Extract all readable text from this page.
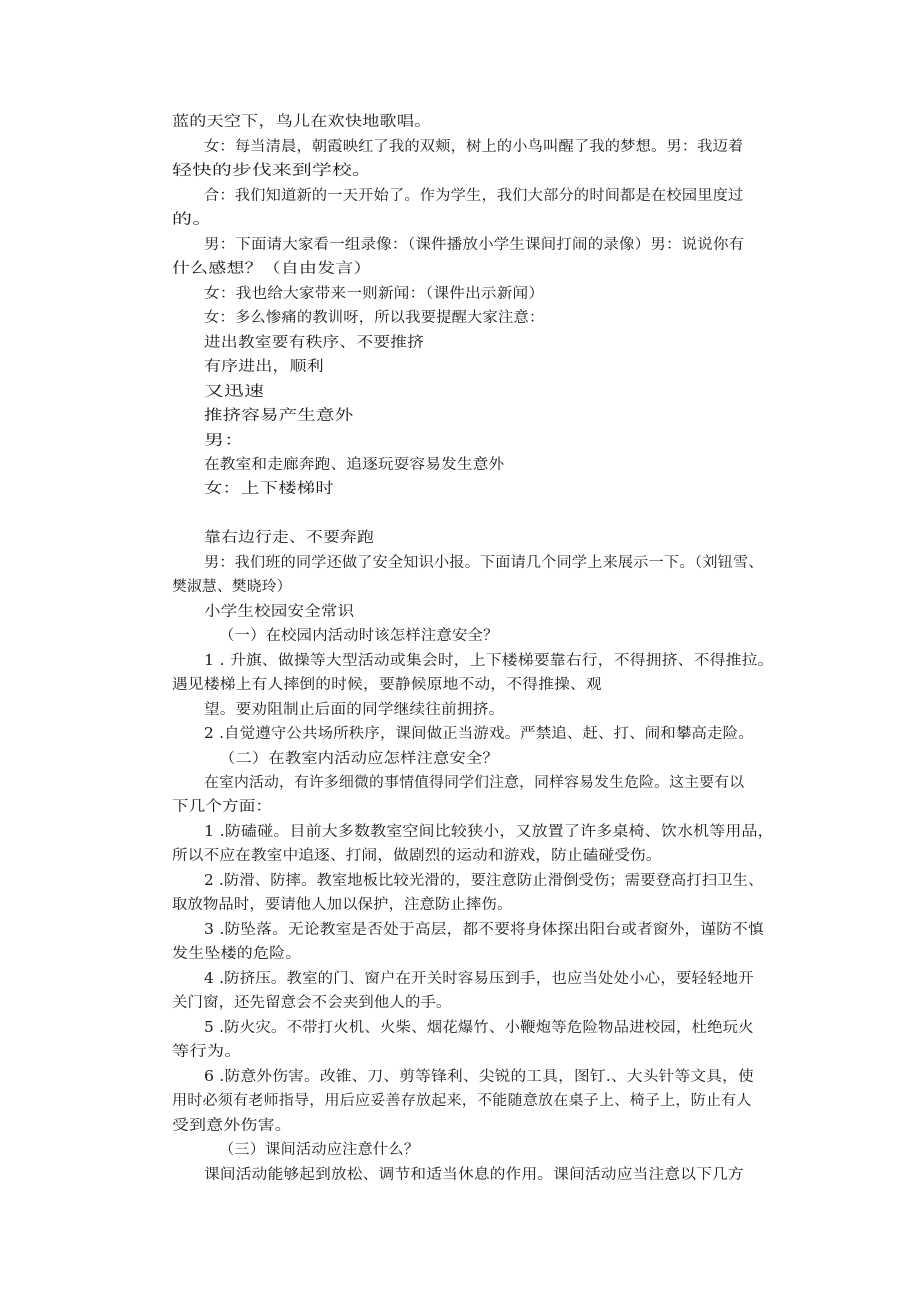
蓝的天空下，鸟儿在欢快地歌唱。
女：每当清晨，朝霞映红了我的双颊，树上的小鸟叫醒了我的梦想。男：我迈着
轻快的步伐来到学校。
合：我们知道新的一天开始了。作为学生，我们大部分的时间都是在校园里度过
的。
男：下面请大家看一组录像：（课件播放小学生课间打闹的录像）男：说说你有
什么感想？（自由发言）
女：我也给大家带来一则新闻：（课件出示新闻）
女：多么惨痛的教训呀，所以我要提醒大家注意：
进出教室要有秩序、不要推挤
有序进出，顺利
又迅速
推挤容易产生意外
男：
在教室和走廊奔跑、追逐玩耍容易发生意外
女：上下楼梯时
靠右边行走、不要奔跑
男：我们班的同学还做了安全知识小报。下面请几个同学上来展示一下。（刘钮雪、
樊淑慧、樊晓玲）
小学生校园安全常识
（一）在校园内活动时该怎样注意安全？
1 . 升旗、做操等大型活动或集会时，上下楼梯要靠右行，不得拥挤、不得推拉。
遇见楼梯上有人摔倒的时候，要静候原地不动，不得推操、观
望。要劝阻制止后面的同学继续往前拥挤。
2 .自觉遵守公共场所秩序，课间做正当游戏。严禁追、赶、打、闹和攀高走险。
（二）在教室内活动应怎样注意安全？
在室内活动，有许多细微的事情值得同学们注意，同样容易发生危险。这主要有以
下几个方面：
1 .防磕碰。目前大多数教室空间比较狭小，又放置了许多桌椅、饮水机等用品，
所以不应在教室中追逐、打闹，做剧烈的运动和游戏，防止磕碰受伤。
2 .防滑、防摔。教室地板比较光滑的，要注意防止滑倒受伤；需要登高打扫卫生、
取放物品时，要请他人加以保护，注意防止摔伤。
3 .防坠落。无论教室是否处于高层，都不要将身体探出阳台或者窗外，谨防不慎
发生坠楼的危险。
4 .防挤压。教室的门、窗户在开关时容易压到手，也应当处处小心，要轻轻地开
关门窗，还先留意会不会夹到他人的手。
5 .防火灾。不带打火机、火柴、烟花爆竹、小鞭炮等危险物品进校园，杜绝玩火
等行为。
6 .防意外伤害。改锥、刀、剪等锋利、尖锐的工具，图钉.、大头针等文具，使
用时必须有老师指导，用后应妥善存放起来，不能随意放在桌子上、椅子上，防止有人
受到意外伤害。
（三）课间活动应注意什么？
课间活动能够起到放松、调节和适当休息的作用。课间活动应当注意以下几方
